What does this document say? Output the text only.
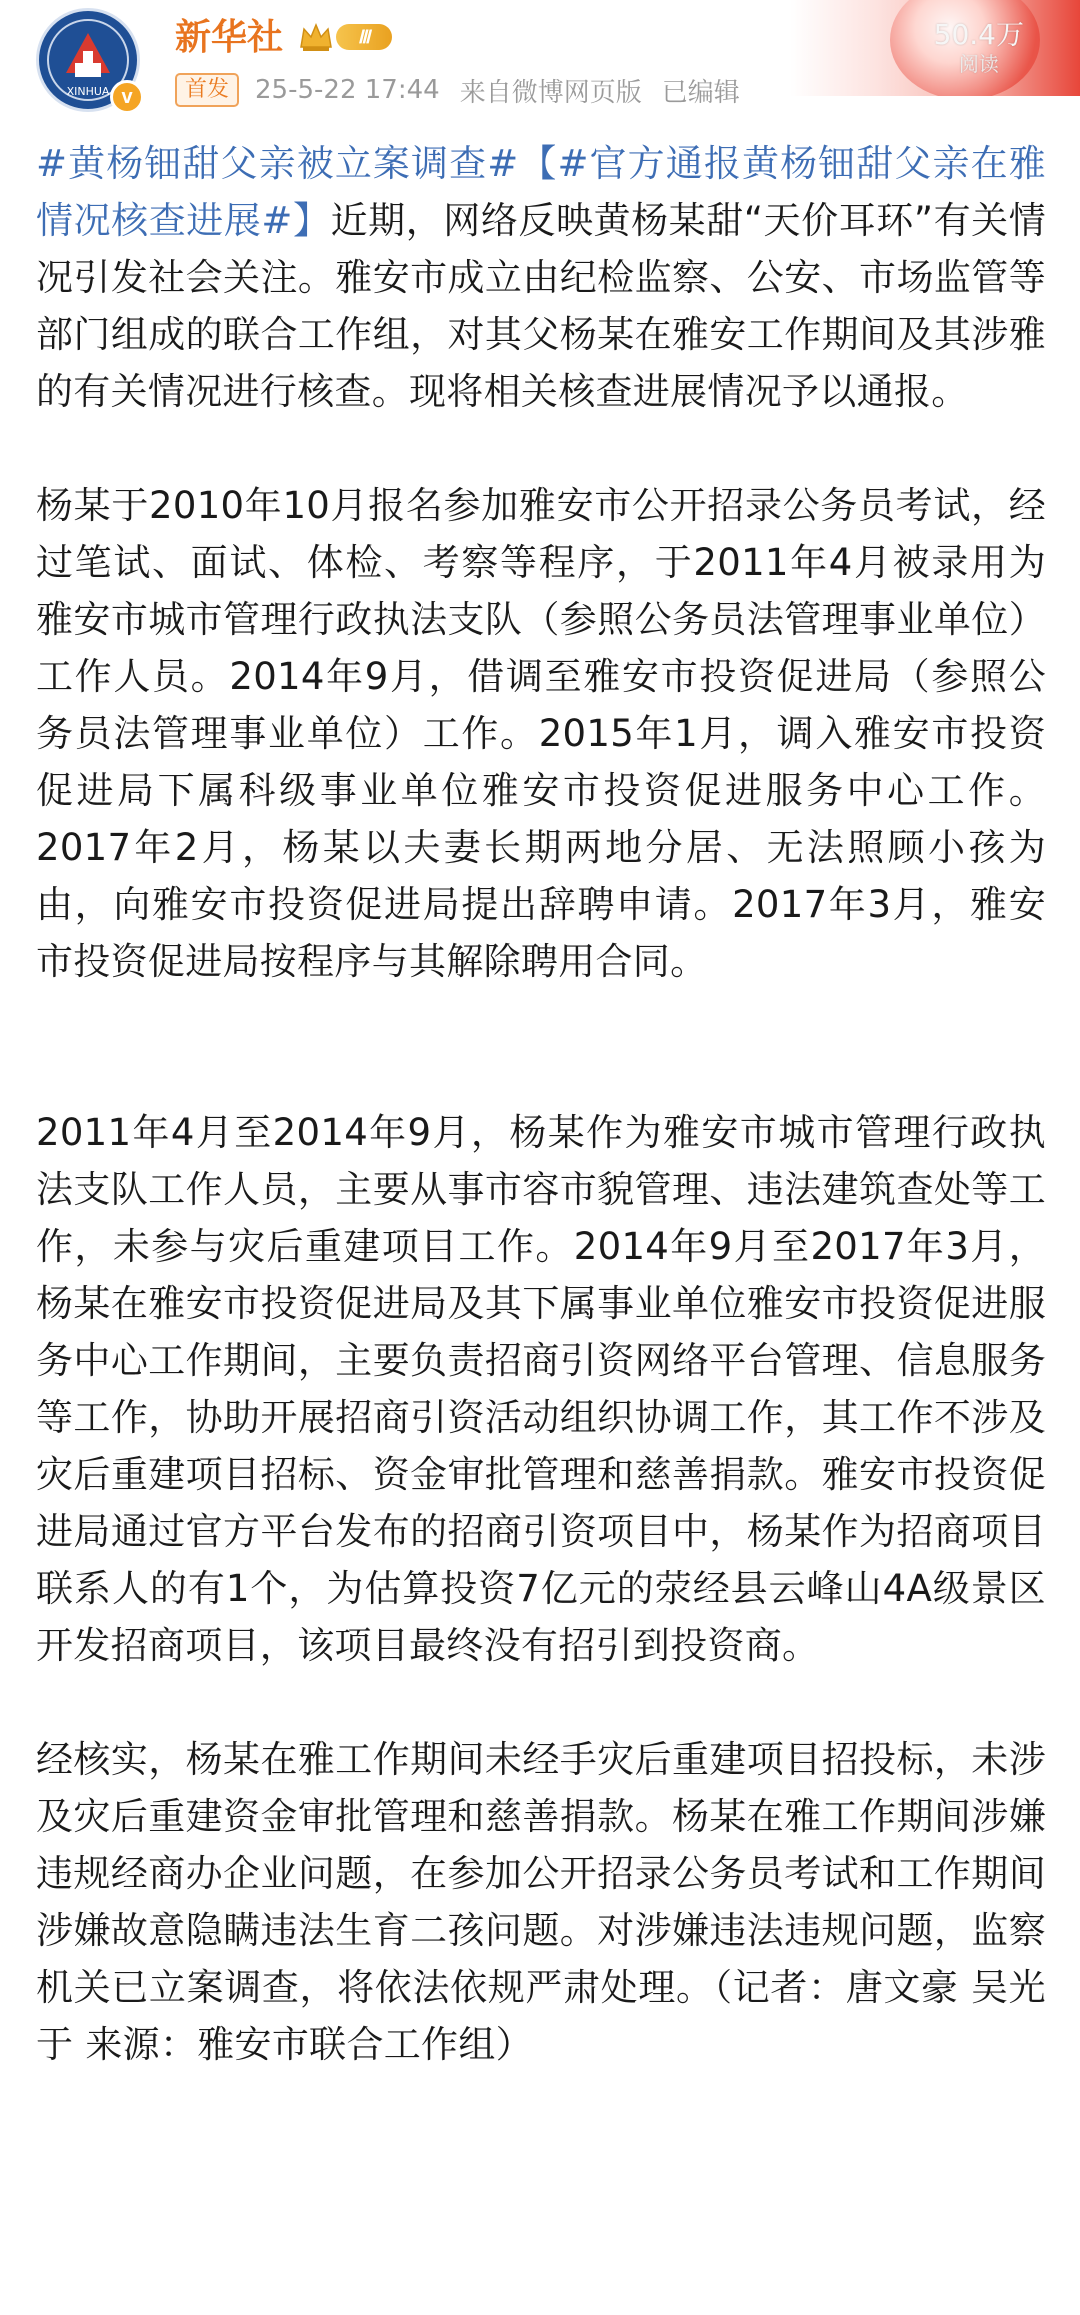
XINHUA v
新华社	Ⅲ
首发	25-5-22 17:44 来自微博网页版 已编辑
50.4万
阅读

#黄杨钿甜父亲被立案调查#【#官方通报黄杨钿甜父亲在雅情况核查进展#】近期，网络反映黄杨某甜“天价耳环”有关情况引发社会关注。雅安市成立由纪检监察、公安、市场监管等部门组成的联合工作组，对其父杨某在雅安工作期间及其涉雅的有关情况进行核查。现将相关核查进展情况予以通报。

杨某于2010年10月报名参加雅安市公开招录公务员考试，经过笔试、面试、体检、考察等程序，于2011年4月被录用为雅安市城市管理行政执法支队（参照公务员法管理事业单位）工作人员。2014年9月，借调至雅安市投资促进局（参照公务员法管理事业单位）工作。2015年1月，调入雅安市投资促进局下属科级事业单位雅安市投资促进服务中心工作。2017年2月，杨某以夫妻长期两地分居、无法照顾小孩为由，向雅安市投资促进局提出辞聘申请。2017年3月，雅安市投资促进局按程序与其解除聘用合同。

2011年4月至2014年9月，杨某作为雅安市城市管理行政执法支队工作人员，主要从事市容市貌管理、违法建筑查处等工作，未参与灾后重建项目工作。2014年9月至2017年3月，杨某在雅安市投资促进局及其下属事业单位雅安市投资促进服务中心工作期间，主要负责招商引资网络平台管理、信息服务等工作，协助开展招商引资活动组织协调工作，其工作不涉及灾后重建项目招标、资金审批管理和慈善捐款。雅安市投资促进局通过官方平台发布的招商引资项目中，杨某作为招商项目联系人的有1个，为估算投资7亿元的荥经县云峰山4A级景区开发招商项目，该项目最终没有招引到投资商。

经核实，杨某在雅工作期间未经手灾后重建项目招投标，未涉及灾后重建资金审批管理和慈善捐款。杨某在雅工作期间涉嫌违规经商办企业问题，在参加公开招录公务员考试和工作期间涉嫌故意隐瞒违法生育二孩问题。对涉嫌违法违规问题，监察机关已立案调查，将依法依规严肃处理。（记者：唐文豪 吴光于 来源：雅安市联合工作组）
